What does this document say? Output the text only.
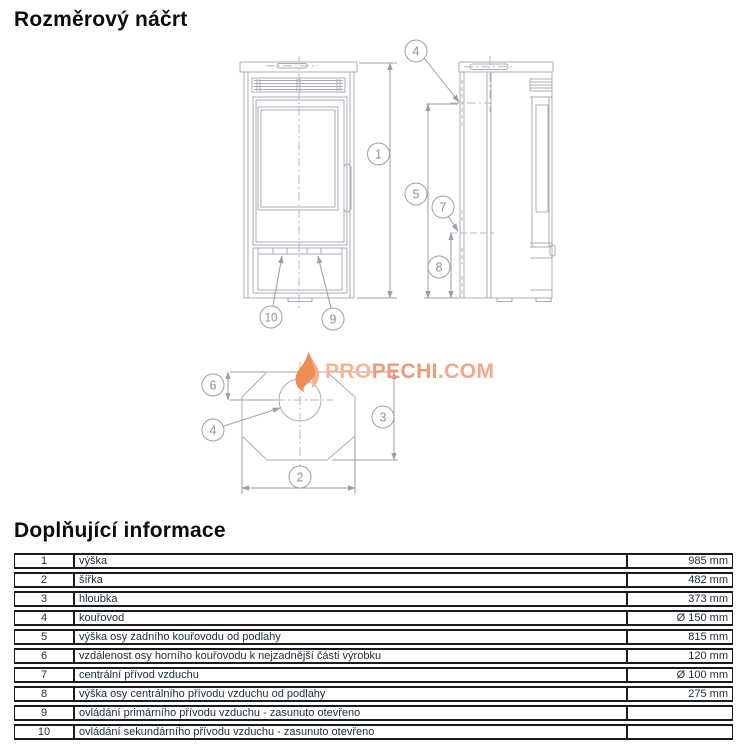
Rozměrový náčrt
1
9
10
4
5
7
8
6
4
3
2
PROPECHI.COM
Doplňující informace
1	výška	985 mm
2	šířka	482 mm
3	hloubka	373 mm
4	kouřovod	Ø 150 mm
5	výška osy zadního kouřovodu od podlahy	815 mm
6	vzdálenost osy horního kouřovodu k nejzadnější části výrobku	120 mm
7	centrální přívod vzduchu	Ø 100 mm
8	výška osy centrálního přívodu vzduchu od podlahy	275 mm
9	ovládání primárního přívodu vzduchu - zasunuto otevřeno	
10	ovládání sekundárního přívodu vzduchu - zasunuto otevřeno	
